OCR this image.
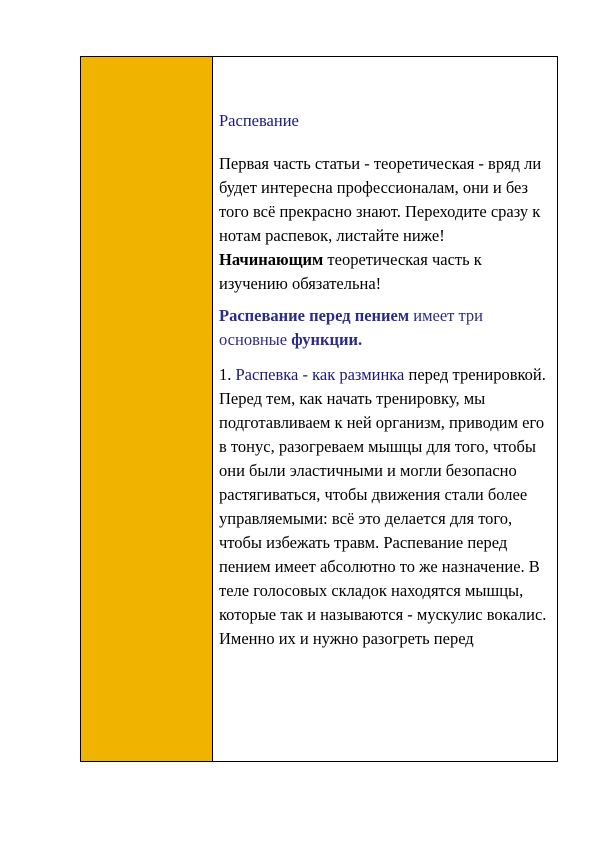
Распевание

Первая часть статьи - теоретическая - вряд ли будет интересна профессионалам, они и без того всё прекрасно знают. Переходите сразу к нотам распевок, листайте ниже! Начинающим теоретическая часть к изучению обязательна!

Распевание перед пением имеет три основные функции.

1. Распевка - как разминка перед тренировкой. Перед тем, как начать тренировку, мы подготавливаем к ней организм, приводим его в тонус, разогреваем мышцы для того, чтобы они были эластичными и могли безопасно растягиваться, чтобы движения стали более управляемыми: всё это делается для того, чтобы избежать травм. Распевание перед пением имеет абсолютно то же назначение. В теле голосовых складок находятся мышцы, которые так и называются - мускулис вокалис. Именно их и нужно разогреть перед
